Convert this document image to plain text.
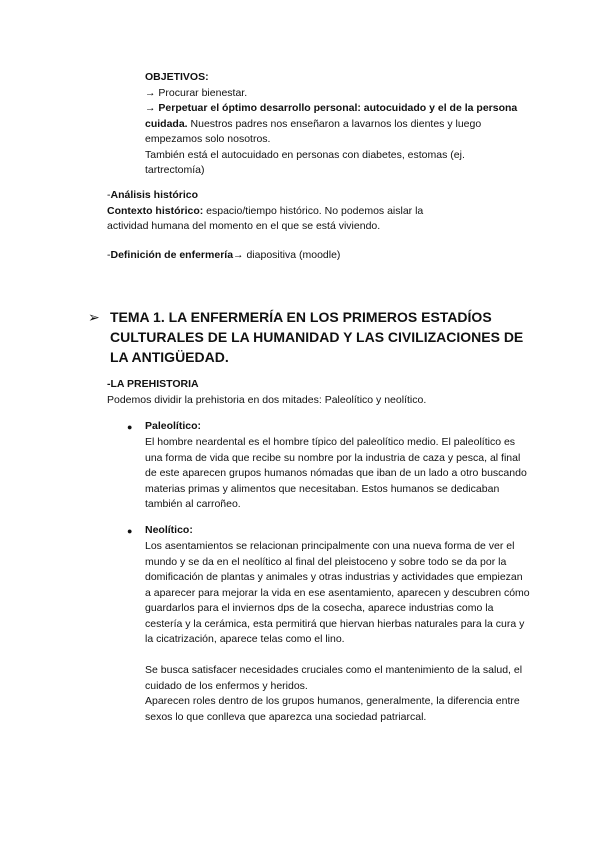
OBJETIVOS:

→ Procurar bienestar.

→ Perpetuar el óptimo desarrollo personal: autocuidado y el de la persona cuidada. Nuestros padres nos enseñaron a lavarnos los dientes y luego empezamos solo nosotros.

También está el autocuidado en personas con diabetes, estomas (ej. tartrectomía)

-Análisis histórico

Contexto histórico: espacio/tiempo histórico. No podemos aislar la actividad humana del momento en el que se está viviendo.

-Definición de enfermería→ diapositiva (moodle)

➢ TEMA 1. LA ENFERMERÍA EN LOS PRIMEROS ESTADÍOS CULTURALES DE LA HUMANIDAD Y LAS CIVILIZACIONES DE LA ANTIGÜEDAD.

-LA PREHISTORIA

Podemos dividir la prehistoria en dos mitades: Paleolítico y neolítico.

● Paleolítico:

El hombre neardental es el hombre típico del paleolítico medio. El paleolítico es una forma de vida que recibe su nombre por la industria de caza y pesca, al final de este aparecen grupos humanos nómadas que iban de un lado a otro buscando materias primas y alimentos que necesitaban. Estos humanos se dedicaban también al carroñeo.

● Neolítico:

Los asentamientos se relacionan principalmente con una nueva forma de ver el mundo y se da en el neolítico al final del pleistoceno y sobre todo se da por la domificación de plantas y animales y otras industrias y actividades que empiezan a aparecer para mejorar la vida en ese asentamiento, aparecen y descubren cómo guardarlos para el inviernos dps de la cosecha, aparece industrias como la cestería y la cerámica, esta permitirá que hiervan hierbas naturales para la cura y la cicatrización, aparece telas como el lino.

Se busca satisfacer necesidades cruciales como el mantenimiento de la salud, el cuidado de los enfermos y heridos.

Aparecen roles dentro de los grupos humanos, generalmente, la diferencia entre sexos lo que conlleva que aparezca una sociedad patriarcal.
